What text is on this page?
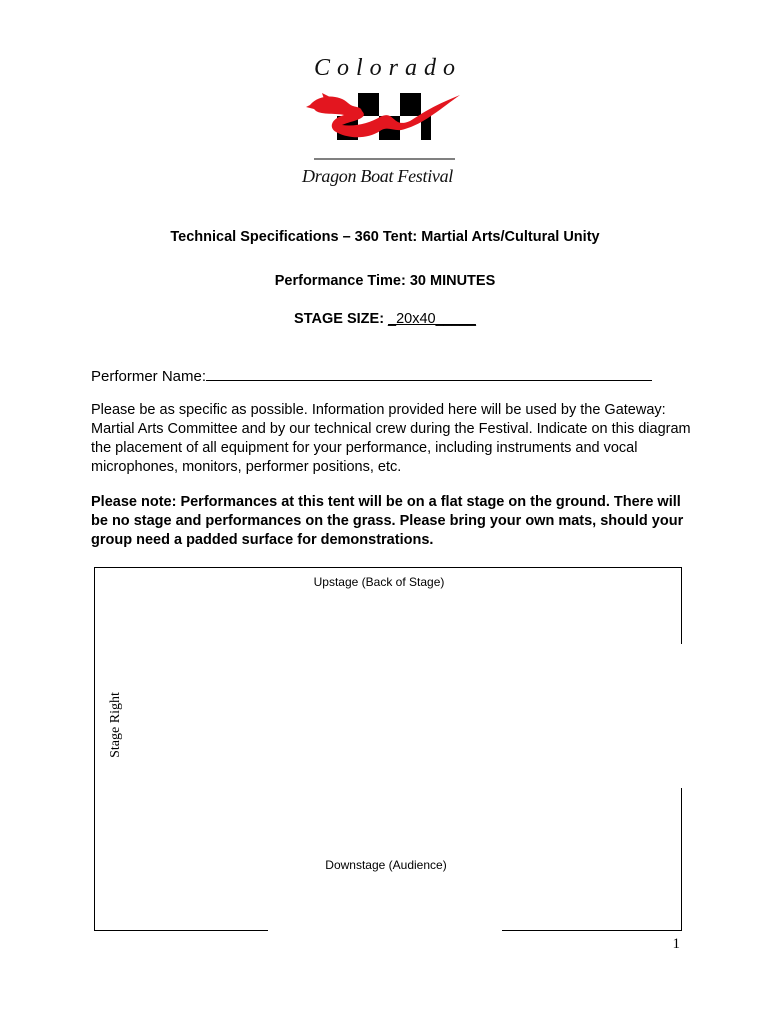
Colorado
Dragon Boat Festival
Technical Specifications – 360 Tent: Martial Arts/Cultural Unity
Performance Time: 30 MINUTES
STAGE SIZE: _20x40_____
Performer Name:
Please be as specific as possible. Information provided here will be used by the Gateway: Martial Arts Committee and by our technical crew during the Festival. Indicate on this diagram the placement of all equipment for your performance, including instruments and vocal microphones, monitors, performer positions, etc.
Please note: Performances at this tent will be on a flat stage on the ground. There will be no stage and performances on the grass. Please bring your own mats, should your group need a padded surface for demonstrations.
Upstage (Back of Stage)
Downstage (Audience)
Stage Right
1
